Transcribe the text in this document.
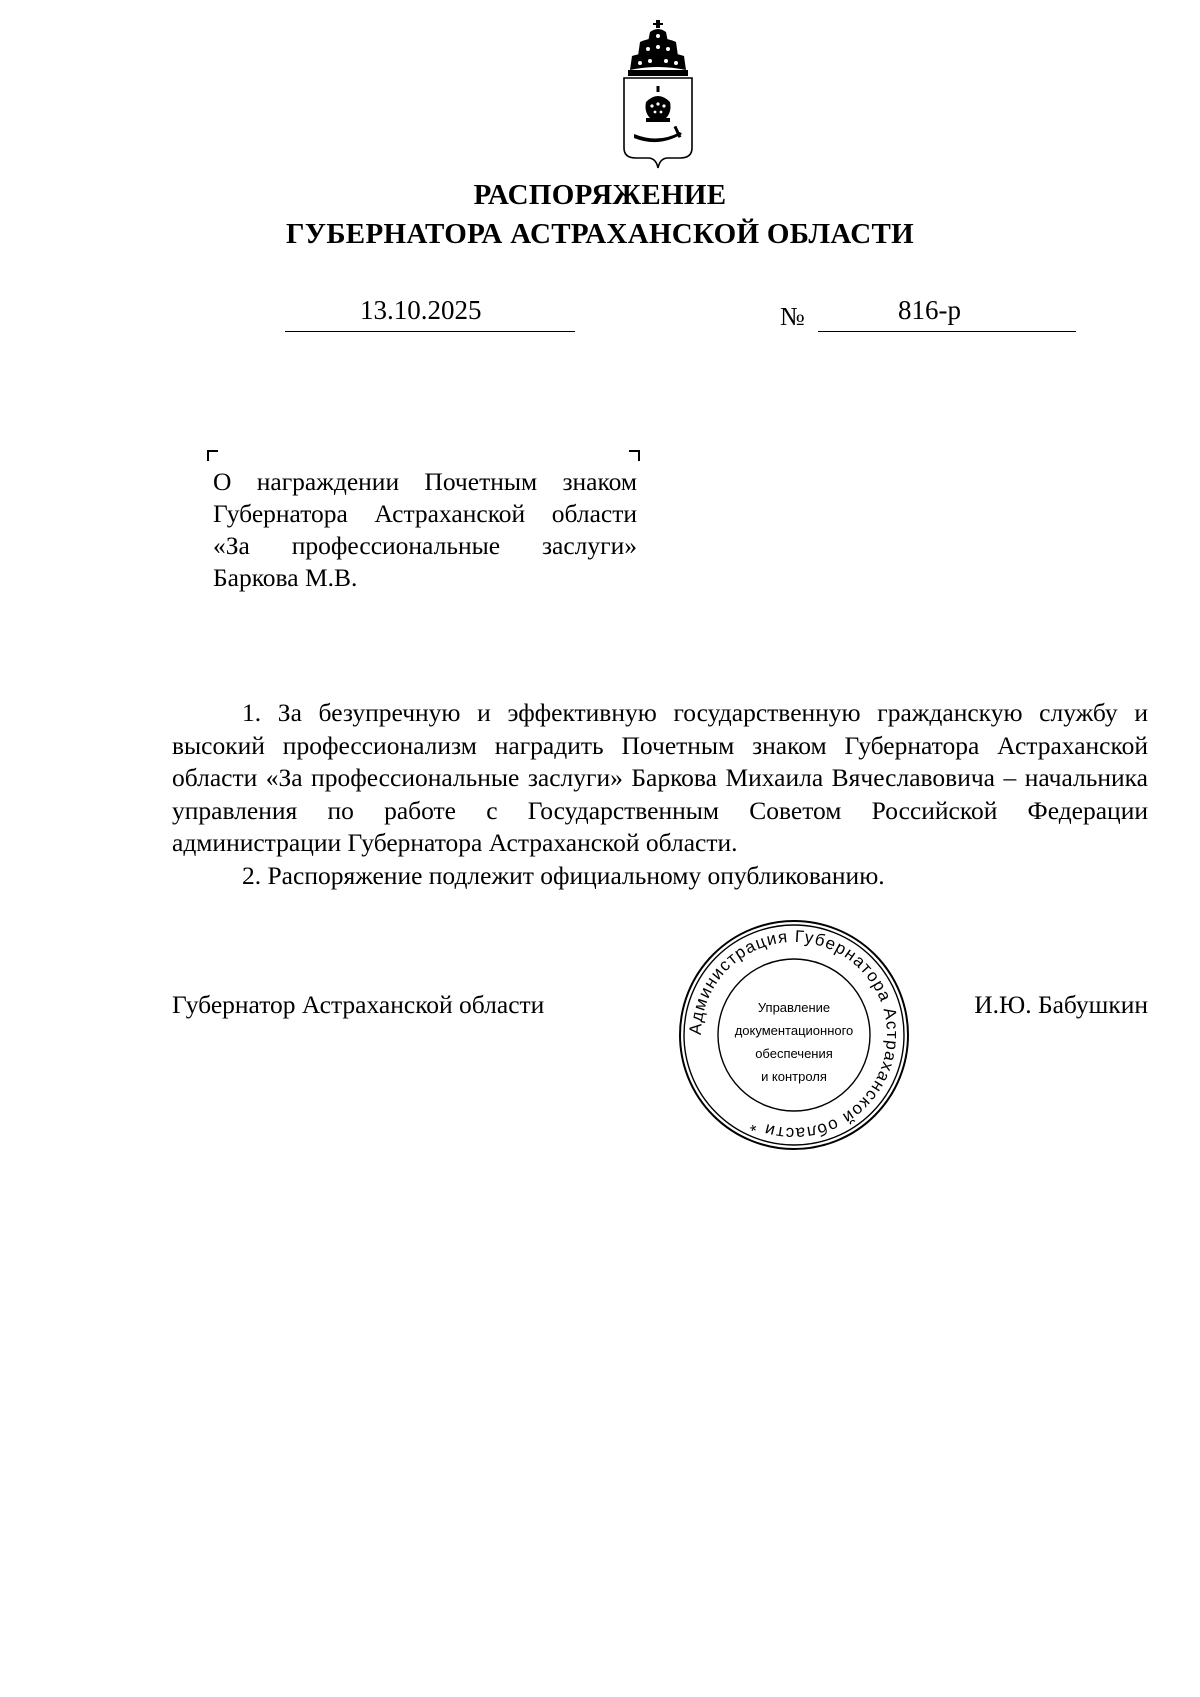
РАСПОРЯЖЕНИЕ
ГУБЕРНАТОРА АСТРАХАНСКОЙ ОБЛАСТИ
13.10.2025	№	816-р
О награждении Почетным знаком Губернатора Астраханской области «За профессиональные заслуги» Баркова М.В.

1. За безупречную и эффективную государственную гражданскую службу и высокий профессионализм наградить Почетным знаком Губернатора Астраханской области «За профессиональные заслуги» Баркова Михаила Вячеславовича – начальника управления по работе с Государственным Советом Российской Федерации администрации Губернатора Астраханской области.

2. Распоряжение подлежит официальному опубликованию.

Губернатор Астраханской области	И.Ю. Бабушкин
Администрация Губернатора Астраханской области *
Управление
документационного
обеспечения
и контроля
